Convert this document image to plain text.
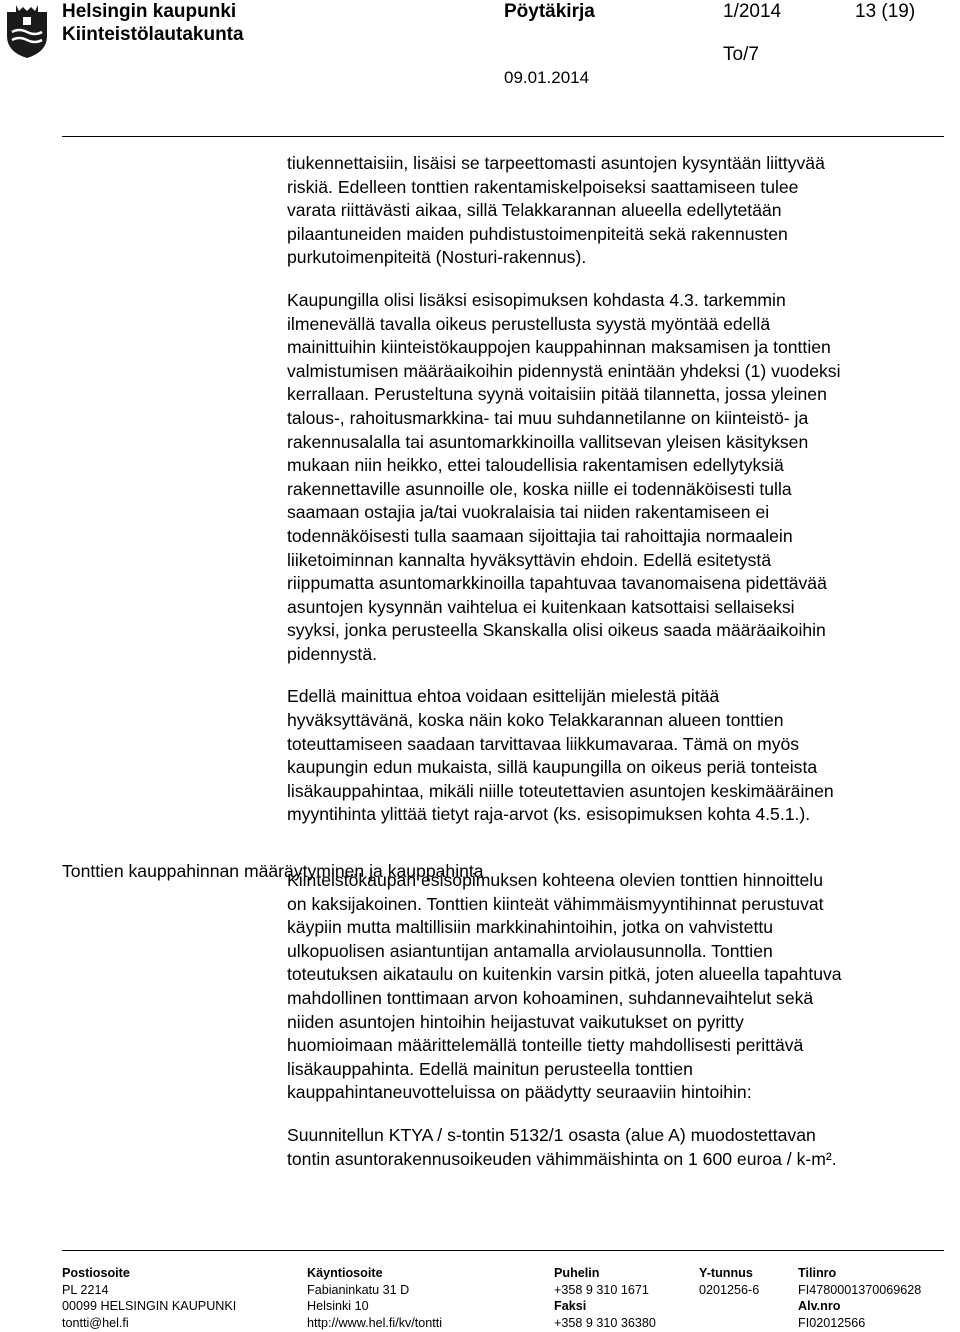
Helsingin kaupunki
Kiinteistölautakunta
Pöytäkirja	1/2014	13 (19)
To/7
09.01.2014

tiukennettaisiin, lisäisi se tarpeettomasti asuntojen kysyntään liittyvää
riskiä. Edelleen tonttien rakentamiskelpoiseksi saattamiseen tulee
varata riittävästi aikaa, sillä Telakkarannan alueella edellytetään
pilaantuneiden maiden puhdistustoimenpiteitä sekä rakennusten
purkutoimenpiteitä (Nosturi-rakennus).

Kaupungilla olisi lisäksi esisopimuksen kohdasta 4.3. tarkemmin
ilmenevällä tavalla oikeus perustellusta syystä myöntää edellä
mainittuihin kiinteistökauppojen kauppahinnan maksamisen ja tonttien
valmistumisen määräaikoihin pidennystä enintään yhdeksi (1) vuodeksi
kerrallaan. Perusteltuna syynä voitaisiin pitää tilannetta, jossa yleinen
talous-, rahoitusmarkkina- tai muu suhdannetilanne on kiinteistö- ja
rakennusalalla tai asuntomarkkinoilla vallitsevan yleisen käsityksen
mukaan niin heikko, ettei taloudellisia rakentamisen edellytyksiä
rakennettaville asunnoille ole, koska niille ei todennäköisesti tulla
saamaan ostajia ja/tai vuokralaisia tai niiden rakentamiseen ei
todennäköisesti tulla saamaan sijoittajia tai rahoittajia normaalein
liiketoiminnan kannalta hyväksyttävin ehdoin. Edellä esitetystä
riippumatta asuntomarkkinoilla tapahtuvaa tavanomaisena pidettävää
asuntojen kysynnän vaihtelua ei kuitenkaan katsottaisi sellaiseksi
syyksi, jonka perusteella Skanskalla olisi oikeus saada määräaikoihin
pidennystä.

Edellä mainittua ehtoa voidaan esittelijän mielestä pitää
hyväksyttävänä, koska näin koko Telakkarannan alueen tonttien
toteuttamiseen saadaan tarvittavaa liikkumavaraa. Tämä on myös
kaupungin edun mukaista, sillä kaupungilla on oikeus periä tonteista
lisäkauppahintaa, mikäli niille toteutettavien asuntojen keskimääräinen
myyntihinta ylittää tietyt raja-arvot (ks. esisopimuksen kohta 4.5.1.).

Kiinteistökaupan esisopimuksen kohteena olevien tonttien hinnoittelu
on kaksijakoinen. Tonttien kiinteät vähimmäismyyntihinnat perustuvat
käypiin mutta maltillisiin markkinahintoihin, jotka on vahvistettu
ulkopuolisen asiantuntijan antamalla arviolausunnolla. Tonttien
toteutuksen aikataulu on kuitenkin varsin pitkä, joten alueella tapahtuva
mahdollinen tonttimaan arvon kohoaminen, suhdannevaihtelut sekä
niiden asuntojen hintoihin heijastuvat vaikutukset on pyritty
huomioimaan määrittelemällä tonteille tietty mahdollisesti perittävä
lisäkauppahinta. Edellä mainitun perusteella tonttien
kauppahintaneuvotteluissa on päädytty seuraaviin hintoihin:

Suunnitellun KTYA / s-tontin 5132/1 osasta (alue A) muodostettavan
tontin asuntorakennusoikeuden vähimmäishinta on 1 600 euroa / k-m².

Tonttien kauppahinnan määräytyminen ja kauppahinta
Postiosoite
PL 2214
00099 HELSINGIN KAUPUNKI
tontti@hel.fi
Käyntiosoite
Fabianinkatu 31 D
Helsinki 10
http://www.hel.fi/kv/tontti
Puhelin
+358 9 310 1671
Faksi
+358 9 310 36380
Y-tunnus
0201256-6
Tilinro
FI4780001370069628
Alv.nro
FI02012566
